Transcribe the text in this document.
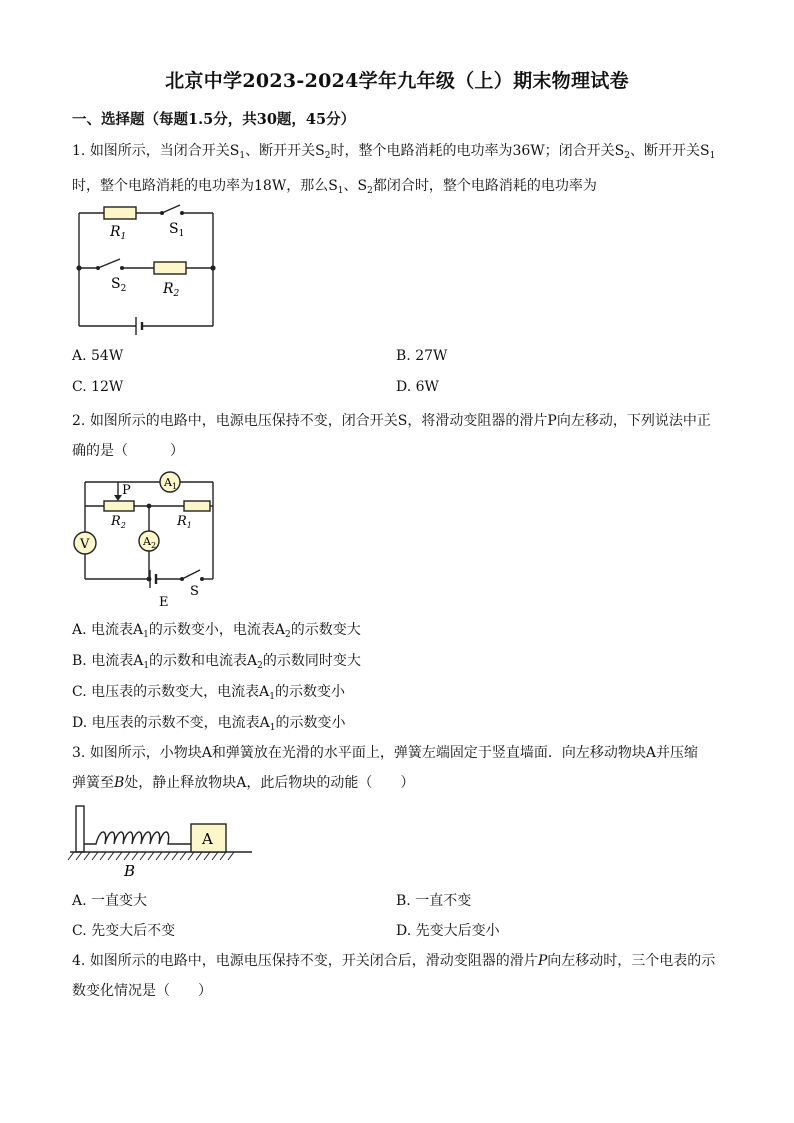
北京中学2023-2024学年九年级（上）期末物理试卷
一、选择题（每题1.5分，共30题，45分）
1. 如图所示，当闭合开关$S_1$、断开开关$S_2$时，整个电路消耗的电功率为36W；闭合开关$S_2$、断开开关$S_1$
时，整个电路消耗的电功率为18W，那么$S_1$、$S_2$都闭合时，整个电路消耗的电功率为
$R_1$	$S_1$
$S_2$	$R_2$
A. 54W	B. 27W
C. 12W	D. 6W
2. 如图所示的电路中，电源电压保持不变，闭合开关S，将滑动变阻器的滑片P向左移动，下列说法中正
确的是（　　　）
$A_1$
V	$A_2$
P
$R_2$	$R_1$
E
S
A. 电流表$A_1$的示数变小，电流表$A_2$的示数变大
B. 电流表$A_1$的示数和电流表$A_2$的示数同时变大
C. 电压表的示数变大，电流表$A_1$的示数变小
D. 电压表的示数不变，电流表$A_1$的示数变小
3. 如图所示，小物块A和弹簧放在光滑的水平面上，弹簧左端固定于竖直墙面．向左移动物块A并压缩
弹簧至B处，静止释放物块A，此后物块的动能（　　）
A
B
A. 一直变大	B. 一直不变
C. 先变大后不变	D. 先变大后变小
4. 如图所示的电路中，电源电压保持不变，开关闭合后，滑动变阻器的滑片P向左移动时，三个电表的示
数变化情况是（　　）
